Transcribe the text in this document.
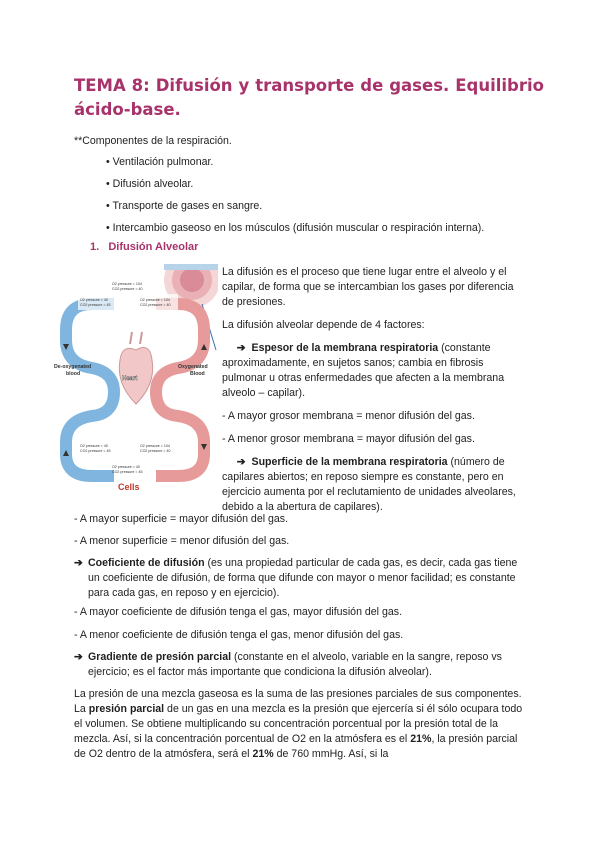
TEMA 8: Difusión y transporte de gases. Equilibrio
ácido-base.
**Componentes de la respiración.
• Ventilación pulmonar.
• Difusión alveolar.
• Transporte de gases en sangre.
• Intercambio gaseoso en los músculos (difusión muscular o respiración interna).
1. Difusión Alveolar
O2 pressure = 104
CO2 pressure = 40
O2 pressure = 40
CO2 pressure = 45
O2 pressure = 104
CO2 pressure = 40
De-oxygenated
blood
Oxygenated
Blood
Heart
O2 pressure = 40
CO2 pressure = 45
O2 pressure = 104
CO2 pressure = 40
O2 pressure = 40
CO2 pressure = 45
Cells

La difusión es el proceso que tiene lugar entre el alveolo y el capilar, de forma que se intercambian los gases por diferencia de presiones.

La difusión alveolar depende de 4 factores:

➔ Espesor de la membrana respiratoria (constante aproximadamente, en sujetos sanos; cambia en fibrosis pulmonar u otras enfermedades que afecten a la membrana alveolo – capilar).

- A mayor grosor membrana = menor difusión del gas.

- A menor grosor membrana = mayor difusión del gas.

➔ Superficie de la membrana respiratoria (número de capilares abiertos; en reposo siempre es constante, pero en ejercicio aumenta por el reclutamiento de unidades alveolares, debido a la abertura de capilares).

- A mayor superficie = mayor difusión del gas.
- A menor superficie = menor difusión del gas.
➔ Coeficiente de difusión (es una propiedad particular de cada gas, es decir, cada gas tiene un coeficiente de difusión, de forma que difunde con mayor o menor facilidad; es constante para cada gas, en reposo y en ejercicio).
- A mayor coeficiente de difusión tenga el gas, mayor difusión del gas.
- A menor coeficiente de difusión tenga el gas, menor difusión del gas.
➔ Gradiente de presión parcial (constante en el alveolo, variable en la sangre, reposo vs ejercicio; es el factor más importante que condiciona la difusión alveolar).
La presión de una mezcla gaseosa es la suma de las presiones parciales de sus componentes. La presión parcial de un gas en una mezcla es la presión que ejercería si él sólo ocupara todo el volumen. Se obtiene multiplicando su concentración porcentual por la presión total de la mezcla. Así, si la concentración porcentual de O2 en la atmósfera es el 21%, la presión parcial de O2 dentro de la atmósfera, será el 21% de 760 mmHg. Así, si la
